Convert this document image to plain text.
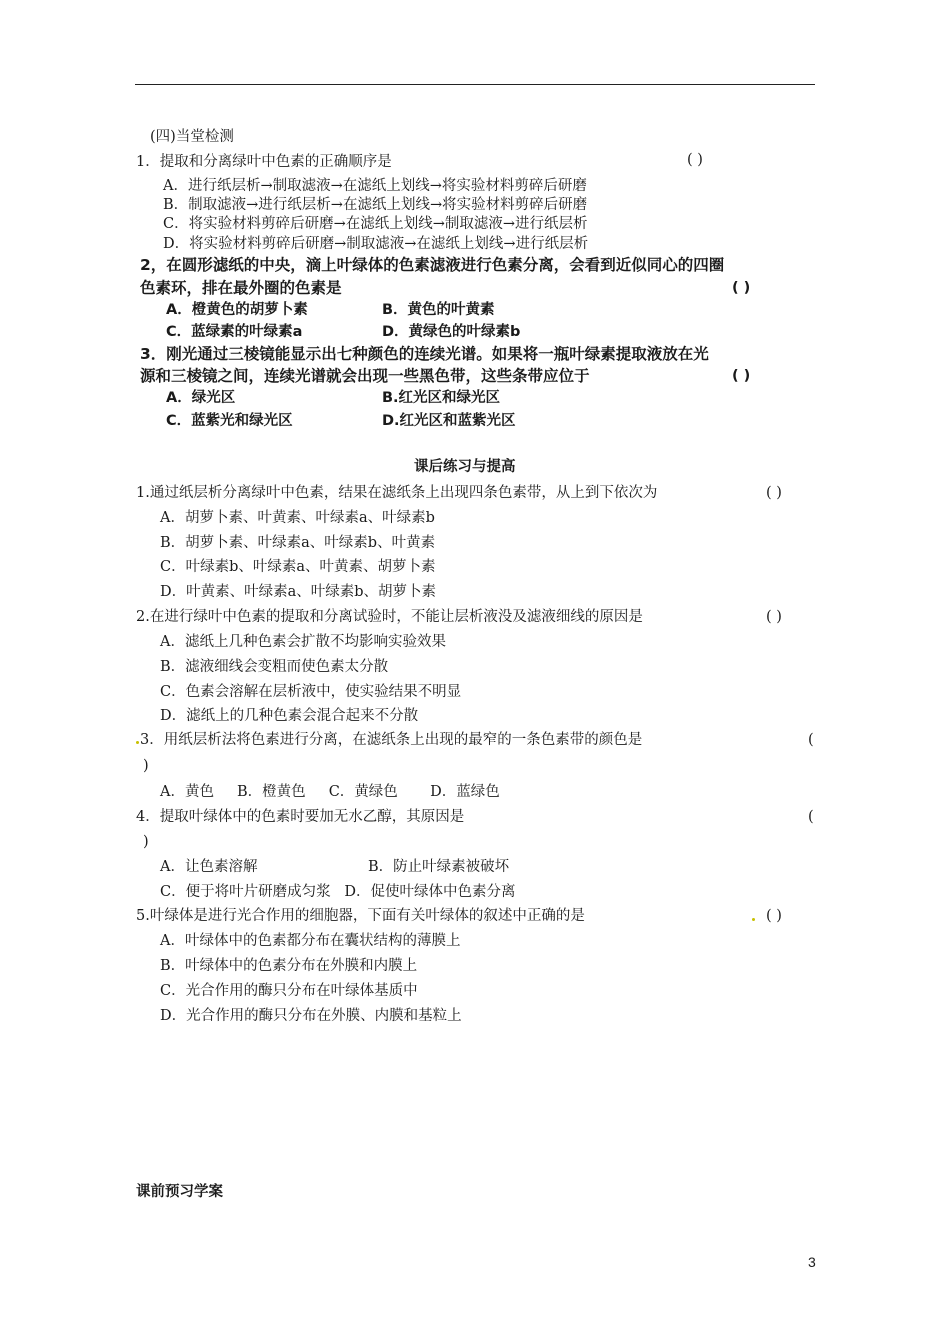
(四)当堂检测
1．提取和分离绿叶中色素的正确顺序是	( )
A．进行纸层析→制取滤液→在滤纸上划线→将实验材料剪碎后研磨
B．制取滤液→进行纸层析→在滤纸上划线→将实验材料剪碎后研磨
C．将实验材料剪碎后研磨→在滤纸上划线→制取滤液→进行纸层析
D．将实验材料剪碎后研磨→制取滤液→在滤纸上划线→进行纸层析
2，在圆形滤纸的中央，滴上叶绿体的色素滤液进行色素分离，会看到近似同心的四圈
色素环，排在最外圈的色素是	( )
A．橙黄色的胡萝卜素	B．黄色的叶黄素
C．蓝绿素的叶绿素a	D．黄绿色的叶绿素b
3．刚光通过三棱镜能显示出七种颜色的连续光谱。如果将一瓶叶绿素提取液放在光
源和三棱镜之间，连续光谱就会出现一些黑色带，这些条带应位于	( )
A．绿光区	B.红光区和绿光区
C．蓝紫光和绿光区	D.红光区和蓝紫光区
课后练习与提高
1.通过纸层析分离绿叶中色素，结果在滤纸条上出现四条色素带，从上到下依次为	( )
A．胡萝卜素、叶黄素、叶绿素a、叶绿素b
B．胡萝卜素、叶绿素a、叶绿素b、叶黄素
C．叶绿素b、叶绿素a、叶黄素、胡萝卜素
D．叶黄素、叶绿素a、叶绿素b、胡萝卜素
2.在进行绿叶中色素的提取和分离试验时，不能让层析液没及滤液细线的原因是	( )
A．滤纸上几种色素会扩散不均影响实验效果
B．滤液细线会变粗而使色素太分散
C．色素会溶解在层析液中，使实验结果不明显
D．滤纸上的几种色素会混合起来不分散
3．用纸层析法将色素进行分离，在滤纸条上出现的最窄的一条色素带的颜色是	(
)
A．黄色     B．橙黄色     C．黄绿色       D．蓝绿色
4．提取叶绿体中的色素时要加无水乙醇，其原因是	(
)
A．让色素溶解	B．防止叶绿素被破坏
C．便于将叶片研磨成匀浆   D．促使叶绿体中色素分离
5.叶绿体是进行光合作用的细胞器，下面有关叶绿体的叙述中正确的是	( )
A．叶绿体中的色素都分布在囊状结构的薄膜上
B．叶绿体中的色素分布在外膜和内膜上
C．光合作用的酶只分布在叶绿体基质中
D．光合作用的酶只分布在外膜、内膜和基粒上
课前预习学案
3
